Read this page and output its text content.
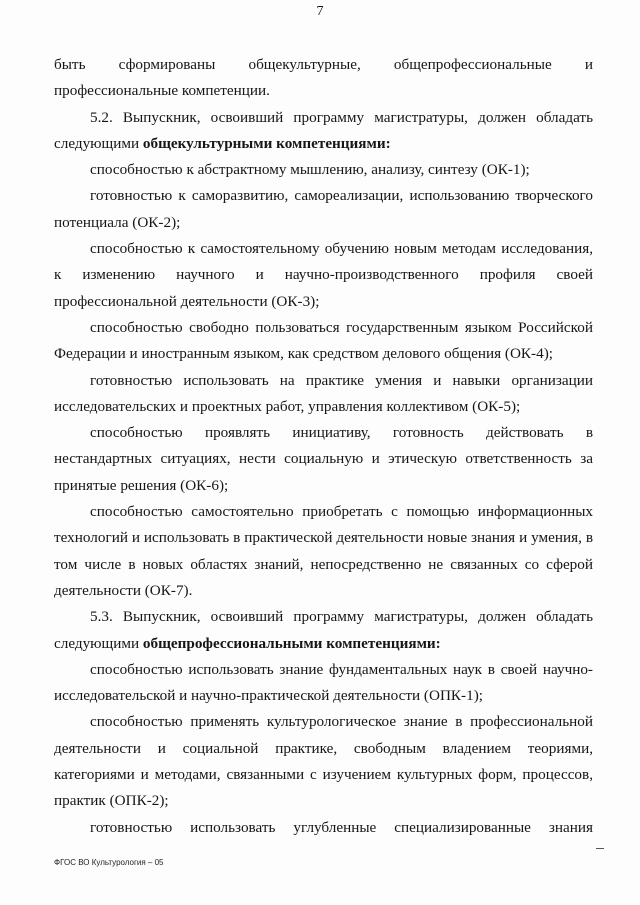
7

быть сформированы общекультурные, общепрофессиональные и профессиональные компетенции.

5.2. Выпускник, освоивший программу магистратуры, должен обладать следующими общекультурными компетенциями:

способностью к абстрактному мышлению, анализу, синтезу (ОК-1);

готовностью к саморазвитию, самореализации, использованию творческого потенциала (ОК-2);

способностью к самостоятельному обучению новым методам исследования, к изменению научного и научно-производственного профиля своей профессиональной деятельности (ОК-3);

способностью свободно пользоваться государственным языком Российской Федерации и иностранным языком, как средством делового общения (ОК-4);

готовностью использовать на практике умения и навыки организации исследовательских и проектных работ, управления коллективом (ОК-5);

способностью проявлять инициативу, готовность действовать в нестандартных ситуациях, нести социальную и этическую ответственность за принятые решения (ОК-6);

способностью самостоятельно приобретать с помощью информационных технологий и использовать в практической деятельности новые знания и умения, в том числе в новых областях знаний, непосредственно не связанных со сферой деятельности (ОК-7).

5.3. Выпускник, освоивший программу магистратуры, должен обладать следующими общепрофессиональными компетенциями:

способностью использовать знание фундаментальных наук в своей научно-исследовательской и научно-практической деятельности (ОПК-1);

способностью применять культурологическое знание в профессиональной деятельности и социальной практике, свободным владением теориями, категориями и методами, связанными с изучением культурных форм, процессов, практик (ОПК-2);

готовностью использовать углубленные специализированные знания

ФГОС ВО Культурология – 05
